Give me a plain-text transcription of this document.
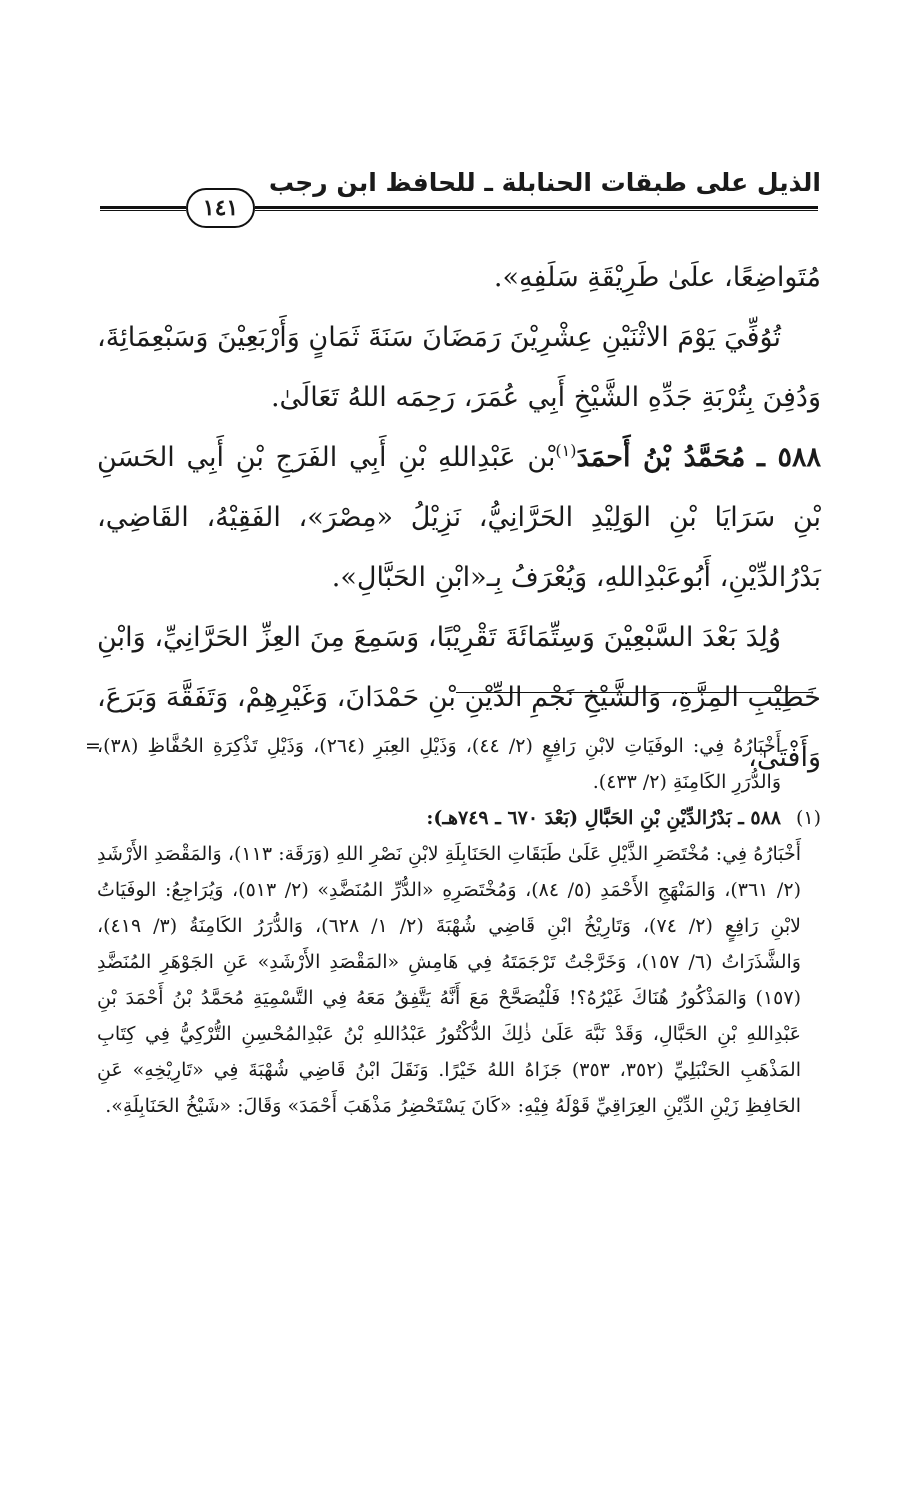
الذيل على طبقات الحنابلة ـ للحافظ ابن رجب
١٤١

مُتَواضِعًا، علَىٰ طَرِيْقَةِ سَلَفِهِ».

تُوُفِّيَ يَوْمَ الاثْنَيْنِ عِشْرِيْنَ رَمَضَانَ سَنَةَ ثَمَانٍ وَأَرْبَعِيْنَ وَسَبْعِمَائِةَ، وَدُفِنَ بِتُرْبَةِ جَدِّهِ الشَّيْخِ أَبِي عُمَرَ، رَحِمَه اللهُ تَعَالَىٰ.

٥٨٨ ـ مُحَمَّدُ بْنُ أَحمَدَ$^{(١)}$بْن عَبْدِاللهِ بْنِ أَبِي الفَرَجِ بْنِ أَبِي الحَسَنِ بْنِ سَرَايَا بْنِ الوَلِيْدِ الحَرَّانِيُّ، نَزِيْلُ «مِصْرَ»، الفَقِيْهُ، القَاضِي، بَدْرُالدِّيْنِ، أَبُوعَبْدِاللهِ، وَيُعْرَفُ بِـ«ابْنِ الحَبَّالِ».

وُلِدَ بَعْدَ السَّبْعِيْنَ وَسِتِّمَائَةَ تَقْرِيْبًا، وَسَمِعَ مِنَ العِزِّ الحَرَّانِيِّ، وَابْنِ خَطِيْبِ المِزَّةِ، وَالشَّيْخِ نَجْمِ الدِّيْنِ بْنِ حَمْدَانَ، وَغَيْرِهِمْ، وَتَفَقَّهَ وَبَرَعَ، وَأَفْتَىٰ،

=

أَخْبَارُهُ فِي: الوفَيَاتِ لابْنِ رَافِعٍ (٢/ ٤٤)، وَذَيْلِ العِبَرِ (٢٦٤)، وَذَيْلِ تَذْكِرَةِ الحُفَّاظِ (٣٨)، وَالدُّرَرِ الكَامِنَةِ (٢/ ٤٣٣).

(١)
٥٨٨ ـ بَدْرُالدِّيْنِ بْنِ الحَبَّالِ (بَعْدَ ٦٧٠ ـ ٧٤٩هـ):

أَخْبَارُهُ فِي: مُخْتَصَرِ الذَّيْلِ عَلَىٰ طَبَقَاتِ الحَنَابِلَةِ لابْنِ نَصْرِ اللهِ (وَرَقَة: ١١٣)، وَالمَقْصَدِ الأَرْشَدِ (٢/ ٣٦١)، وَالمَنْهَجِ الأَحْمَدِ (٥/ ٨٤)، وَمُخْتَصَرِهِ «الدُّرِّ المُنَضَّدِ» (٢/ ٥١٣)، وَيُرَاجِعُ: الوفَيَاتُ لابْنِ رَافِعٍ (٢/ ٧٤)، وَتَارِيْخُ ابْنِ قَاضِي شُهْبَةَ (٢/ ١/ ٦٢٨)، وَالدُّرَرُ الكَامِنَةُ (٣/ ٤١٩)، وَالشَّذَرَاتُ (٦/ ١٥٧)، وَخَرَّجْتُ تَرْجَمَتَهُ فِي هَامِشِ «المَقْصَدِ الأَرْشَدِ» عَنِ الجَوْهَرِ المُنَضَّدِ (١٥٧) وَالمَذْكُورُ هُنَاكَ غَيْرُهُ؟! فَلْيُصَحَّحْ مَعَ أَنَّهُ يَتَّفِقُ مَعَهُ فِي التَّسْمِيَةِ مُحَمَّدُ بْنُ أَحْمَدَ بْنِ عَبْدِاللهِ بْنِ الحَبَّالِ، وَقَدْ نَبَّهَ عَلَىٰ ذٰلِكَ الدُّكْتُورُ عَبْدُاللهِ بْنُ عَبْدِالمُحْسِنِ التُّرْكِيُّ فِي كِتَابِ المَذْهَبِ الحَنْبَلِيِّ (٣٥٢، ٣٥٣) جَزَاهُ اللهُ خَيْرًا. وَنَقَلَ ابْنُ قَاضِي شُهْبَةَ فِي «تَارِيْخِهِ» عَنِ الحَافِظِ زَيْنِ الدِّيْنِ العِرَاقِيِّ قَوْلَهُ فِيْهِ: «كَانَ يَسْتَحْضِرُ مَذْهَبَ أَحْمَدَ» وَقَالَ: «شَيْخُ الحَنَابِلَةِ».
